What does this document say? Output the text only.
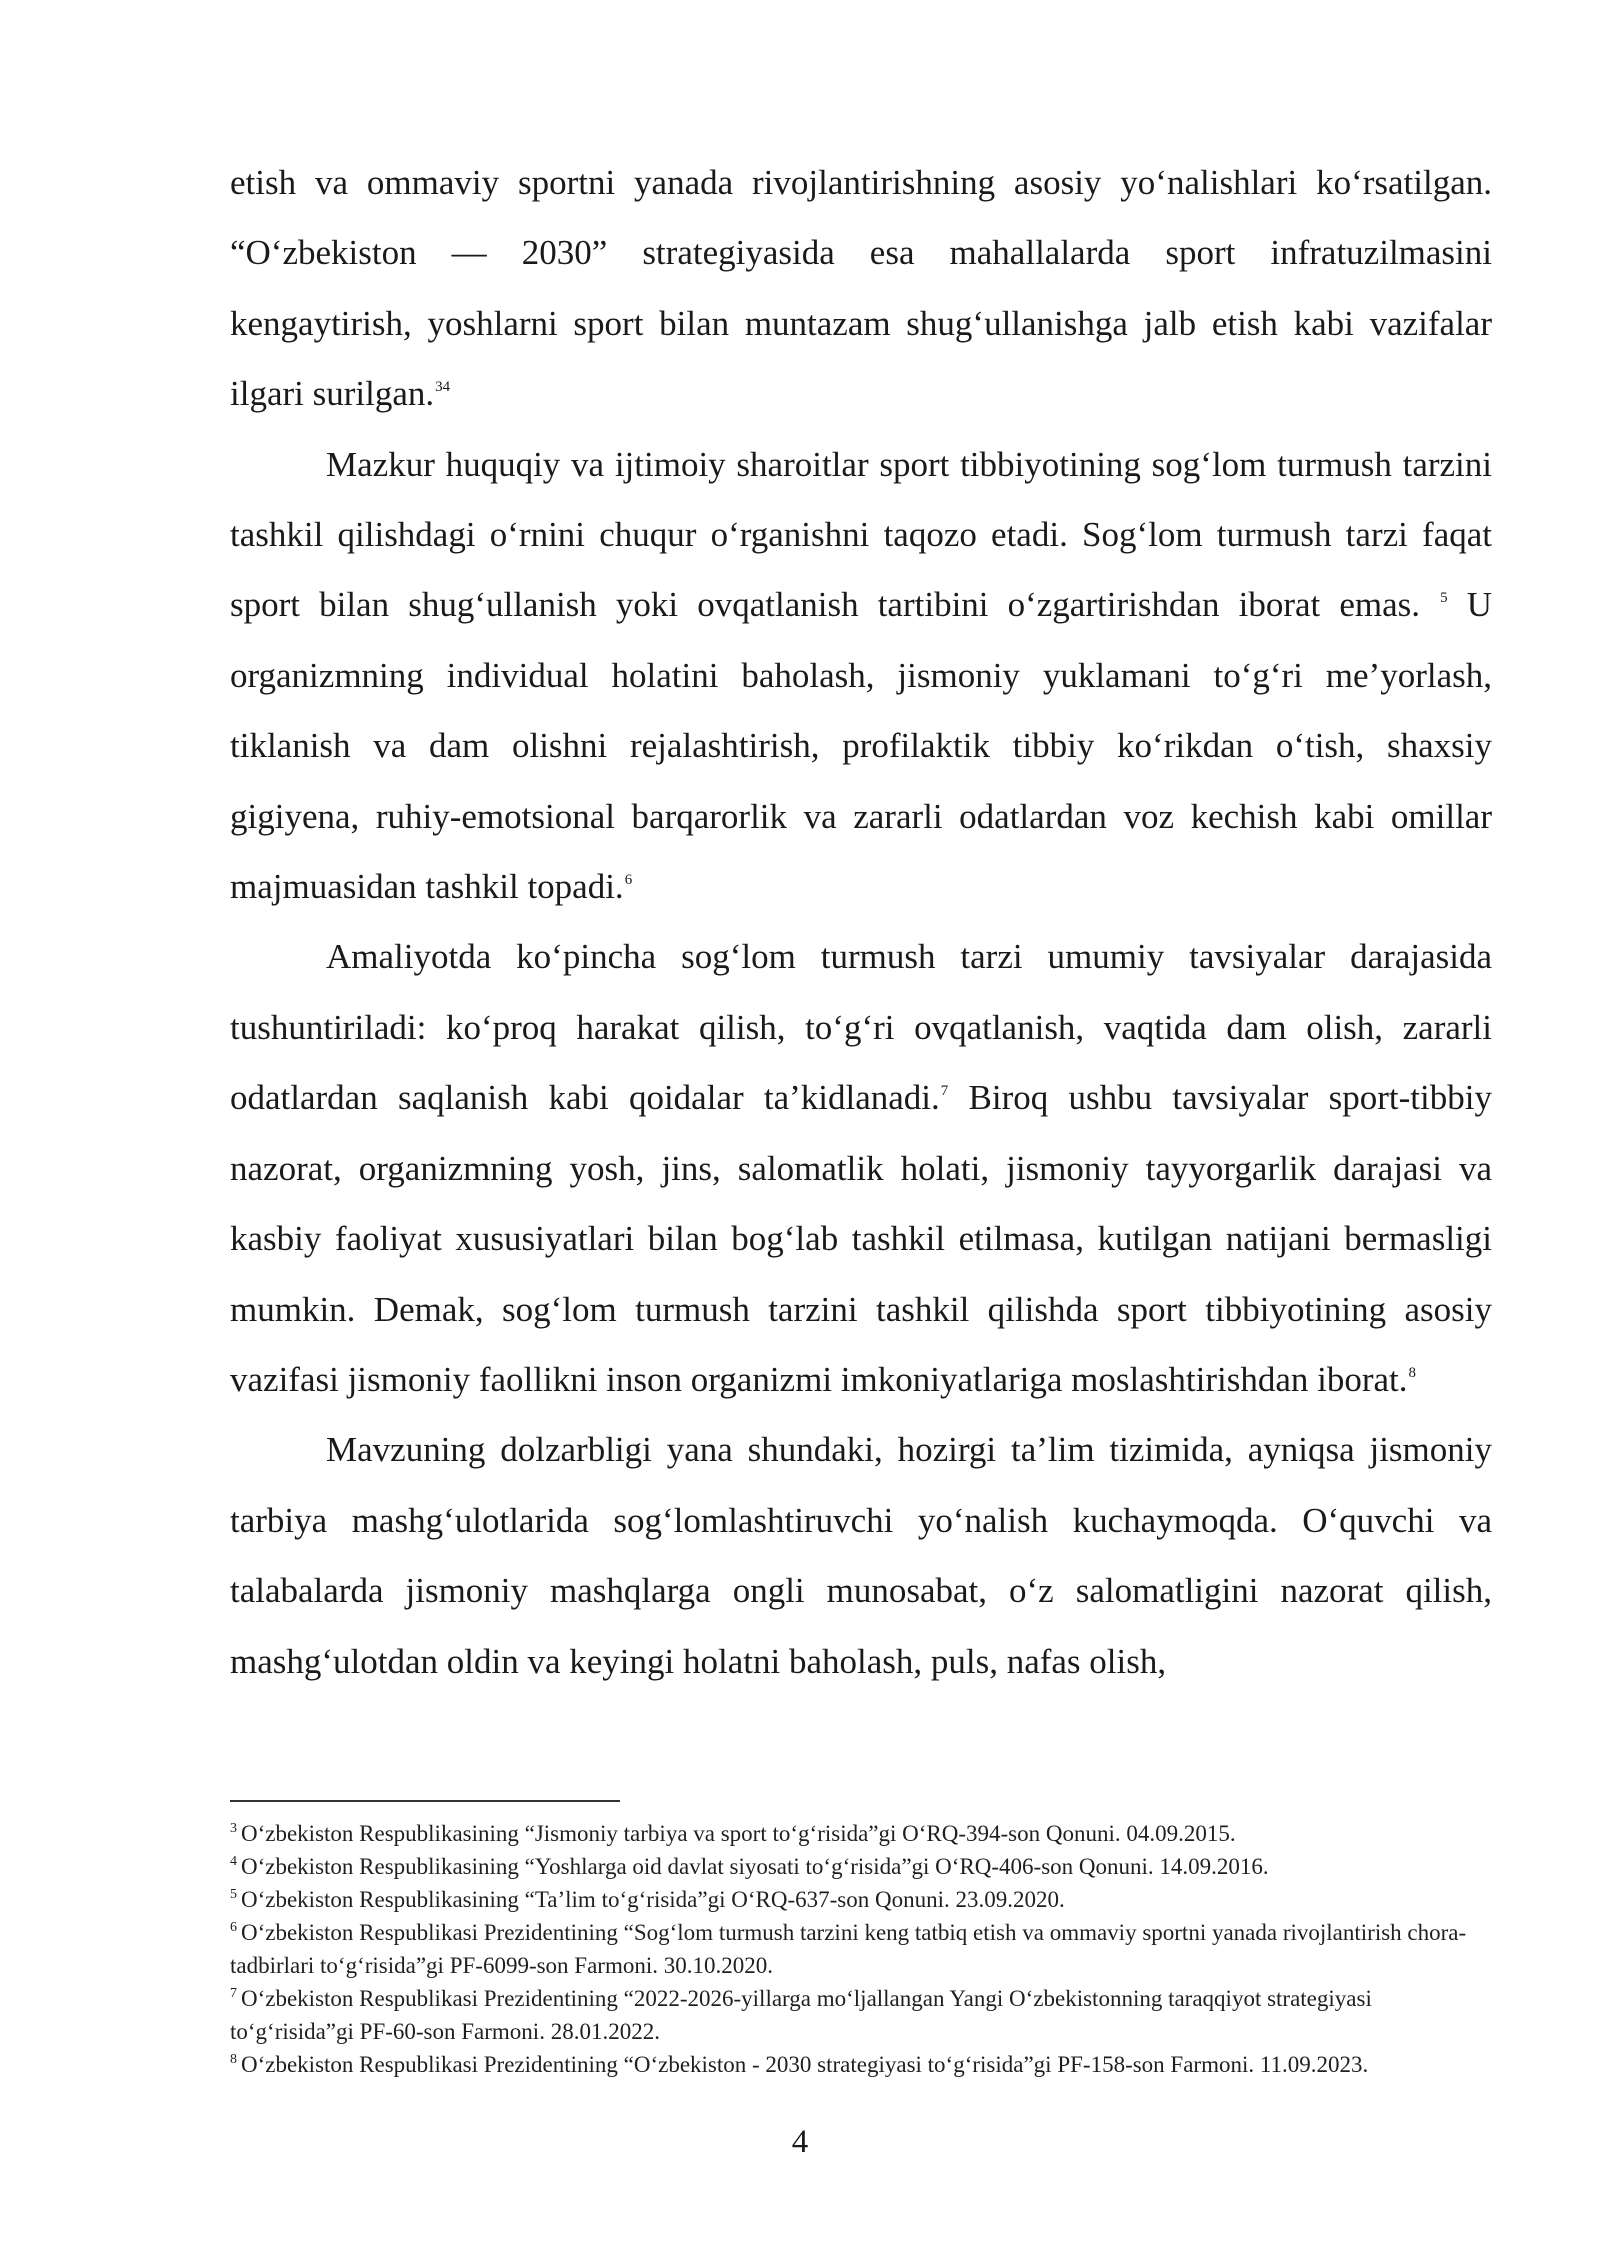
etish va ommaviy sportni yanada rivojlantirishning asosiy yo‘nalishlari ko‘rsatilgan. “O‘zbekiston — 2030” strategiyasida esa mahallalarda sport infratuzilmasini kengaytirish, yoshlarni sport bilan muntazam shug‘ullanishga jalb etish kabi vazifalar ilgari surilgan.$^{34}$

Mazkur huquqiy va ijtimoiy sharoitlar sport tibbiyotining sog‘lom turmush tarzini tashkil qilishdagi o‘rnini chuqur o‘rganishni taqozo etadi. Sog‘lom turmush tarzi faqat sport bilan shug‘ullanish yoki ovqatlanish tartibini o‘zgartirishdan iborat emas. $^5$ U organizmning individual holatini baholash, jismoniy yuklamani to‘g‘ri me’yorlash, tiklanish va dam olishni rejalashtirish, profilaktik tibbiy ko‘rikdan o‘tish, shaxsiy gigiyena, ruhiy-emotsional barqarorlik va zararli odatlardan voz kechish kabi omillar majmuasidan tashkil topadi.$^6$

Amaliyotda ko‘pincha sog‘lom turmush tarzi umumiy tavsiyalar darajasida tushuntiriladi: ko‘proq harakat qilish, to‘g‘ri ovqatlanish, vaqtida dam olish, zararli odatlardan saqlanish kabi qoidalar ta’kidlanadi.$^7$ Biroq ushbu tavsiyalar sport-tibbiy nazorat, organizmning yosh, jins, salomatlik holati, jismoniy tayyorgarlik darajasi va kasbiy faoliyat xususiyatlari bilan bog‘lab tashkil etilmasa, kutilgan natijani bermasligi mumkin. Demak, sog‘lom turmush tarzini tashkil qilishda sport tibbiyotining asosiy vazifasi jismoniy faollikni inson organizmi imkoniyatlariga moslashtirishdan iborat.$^8$

Mavzuning dolzarbligi yana shundaki, hozirgi ta’lim tizimida, ayniqsa jismoniy tarbiya mashg‘ulotlarida sog‘lomlashtiruvchi yo‘nalish kuchaymoqda. O‘quvchi va talabalarda jismoniy mashqlarga ongli munosabat, o‘z salomatligini nazorat qilish, mashg‘ulotdan oldin va keyingi holatni baholash, puls, nafas olish,

$^3$ O‘zbekiston Respublikasining “Jismoniy tarbiya va sport to‘g‘risida”gi O‘RQ-394-son Qonuni. 04.09.2015.
$^4$ O‘zbekiston Respublikasining “Yoshlarga oid davlat siyosati to‘g‘risida”gi O‘RQ-406-son Qonuni. 14.09.2016.
$^5$ O‘zbekiston Respublikasining “Ta’lim to‘g‘risida”gi O‘RQ-637-son Qonuni. 23.09.2020.
$^6$ O‘zbekiston Respublikasi Prezidentining “Sog‘lom turmush tarzini keng tatbiq etish va ommaviy sportni yanada rivojlantirish chora-tadbirlari to‘g‘risida”gi PF-6099-son Farmoni. 30.10.2020.
$^7$ O‘zbekiston Respublikasi Prezidentining “2022-2026-yillarga mo‘ljallangan Yangi O‘zbekistonning taraqqiyot strategiyasi to‘g‘risida”gi PF-60-son Farmoni. 28.01.2022.
$^8$ O‘zbekiston Respublikasi Prezidentining “O‘zbekiston - 2030 strategiyasi to‘g‘risida”gi PF-158-son Farmoni. 11.09.2023.
4
